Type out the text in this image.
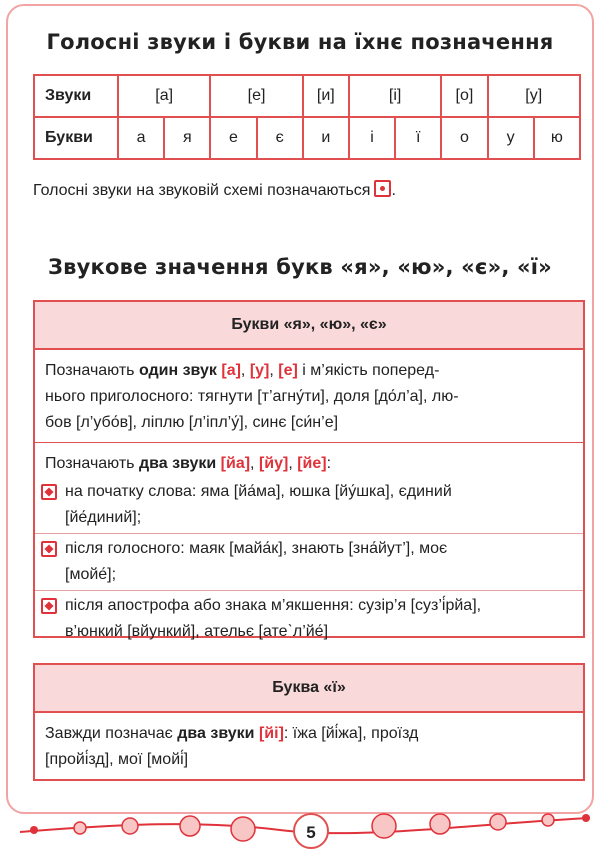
Голосні звуки і букви на їхнє позначення
Звуки	[а]		[е]		[и]	[і]		[о]	[у]	
Букви	а	я	е	є	и	і	ї	о	у	ю
Голосні звуки на звуковій схемі позначаються .
Звукове значення букв «я», «ю», «є», «ї»
Букви «я», «ю», «є»
Позначають один звук [а], [у], [е] і м’якість поперед-
нього приголосного: тягнути [т’агну́ти], доля [до́л’а], лю-
бов [л’убо́в], ліплю [л’іпл’у́], синє [си́н’е]
Позначають два звуки [йа], [йу], [йе]:
на початку слова: яма [йа́ма], юшка [йу́шка], єдиний
[йе́диний];
після голосного: маяк [майа́к], знають [зна́йут’], моє
[мойе́];
після апострофа або знака м’якшення: сузір’я [суз’і́рйа],
в’юнкий [вйункий], ательє [атеˋл’йе́]
Буква «ї»
Завжди позначає два звуки [йі]: їжа [йі́жа], проїзд
[пройі́зд], мої [мойі́]
5
